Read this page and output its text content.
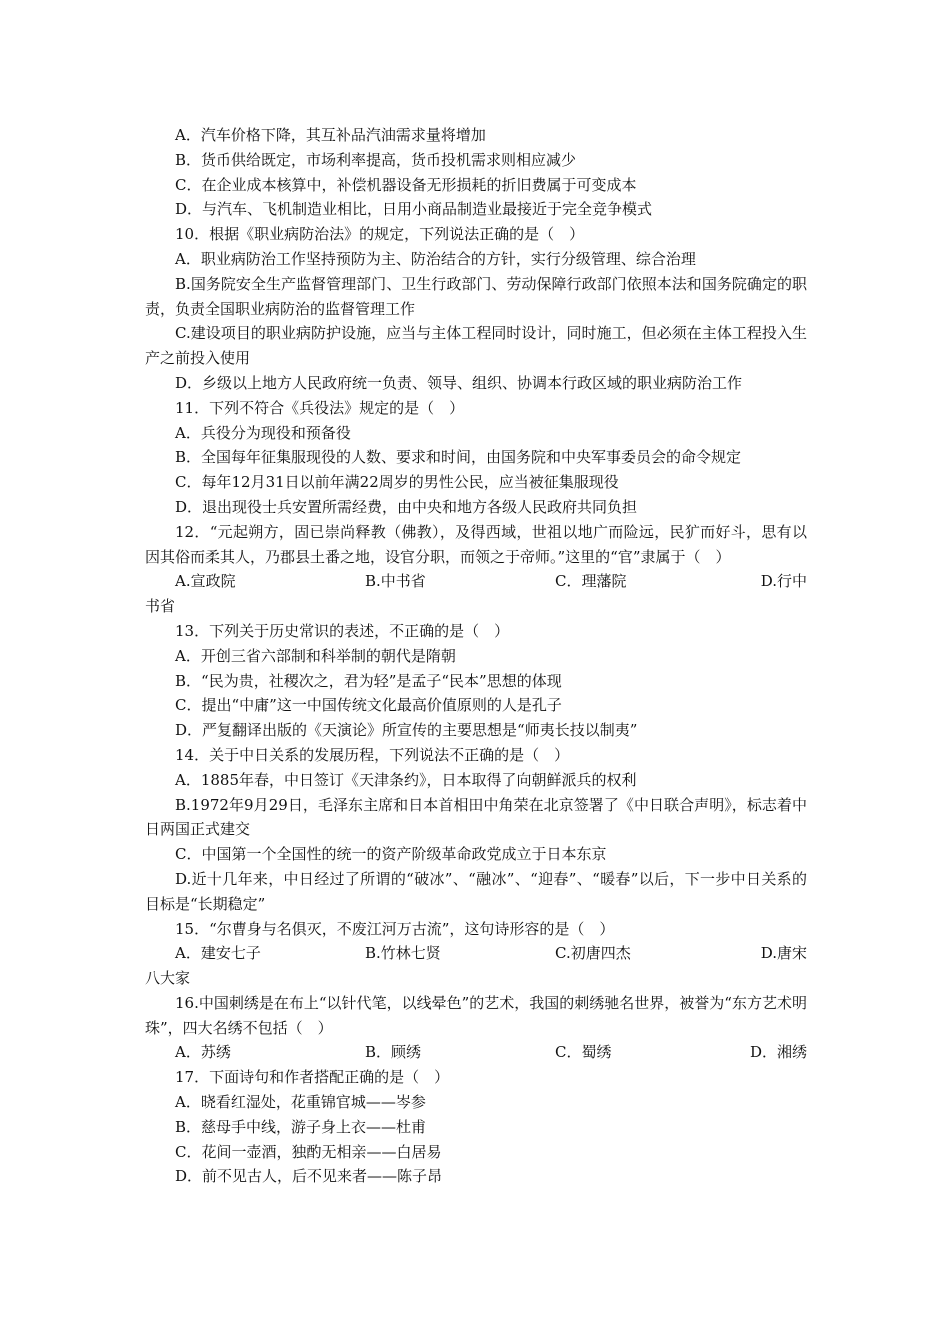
A．汽车价格下降，其互补品汽油需求量将增加
B．货币供给既定，市场利率提高，货币投机需求则相应减少
C．在企业成本核算中，补偿机器设备无形损耗的折旧费属于可变成本
D．与汽车、飞机制造业相比，日用小商品制造业最接近于完全竞争模式
10．根据《职业病防治法》的规定，下列说法正确的是（　）
A．职业病防治工作坚持预防为主、防治结合的方针，实行分级管理、综合治理
B.国务院安全生产监督管理部门、卫生行政部门、劳动保障行政部门依照本法和国务院确定的职责，负责全国职业病防治的监督管理工作
C.建设项目的职业病防护设施，应当与主体工程同时设计，同时施工，但必须在主体工程投入生产之前投入使用
D．乡级以上地方人民政府统一负责、领导、组织、协调本行政区域的职业病防治工作
11．下列不符合《兵役法》规定的是（　）
A．兵役分为现役和预备役
B．全国每年征集服现役的人数、要求和时间，由国务院和中央军事委员会的命令规定
C．每年12月31日以前年满22周岁的男性公民，应当被征集服现役
D．退出现役士兵安置所需经费，由中央和地方各级人民政府共同负担
12．“元起朔方，固已崇尚释教（佛教），及得西域，世祖以地广而险远，民犷而好斗，思有以因其俗而柔其人，乃郡县土番之地，设官分职，而领之于帝师。”这里的“官”隶属于（　）
A.宣政院	B.中书省	C．理藩院	D.行中
书省
13．下列关于历史常识的表述，不正确的是（　）
A．开创三省六部制和科举制的朝代是隋朝
B．“民为贵，社稷次之，君为轻”是孟子“民本”思想的体现
C．提出“中庸”这一中国传统文化最高价值原则的人是孔子
D．严复翻译出版的《天演论》所宣传的主要思想是“师夷长技以制夷”
14．关于中日关系的发展历程，下列说法不正确的是（　）
A．1885年春，中日签订《天津条约》，日本取得了向朝鲜派兵的权利
B.1972年9月29日，毛泽东主席和日本首相田中角荣在北京签署了《中日联合声明》，标志着中日两国正式建交
C．中国第一个全国性的统一的资产阶级革命政党成立于日本东京
D.近十几年来，中日经过了所谓的“破冰”、“融冰”、“迎春”、“暖春”以后，下一步中日关系的目标是“长期稳定”
15．“尔曹身与名俱灭，不废江河万古流”，这句诗形容的是（　）
A．建安七子	B.竹林七贤	C.初唐四杰	D.唐宋
八大家
16.中国刺绣是在布上“以针代笔，以线晕色”的艺术，我国的刺绣驰名世界，被誉为“东方艺术明珠”，四大名绣不包括（　）
A．苏绣	B．顾绣	C．蜀绣	D．湘绣
17．下面诗句和作者搭配正确的是（　）
A．晓看红湿处，花重锦官城——岑参
B．慈母手中线，游子身上衣——杜甫
C．花间一壶酒，独酌无相亲——白居易
D．前不见古人，后不见来者——陈子昂
